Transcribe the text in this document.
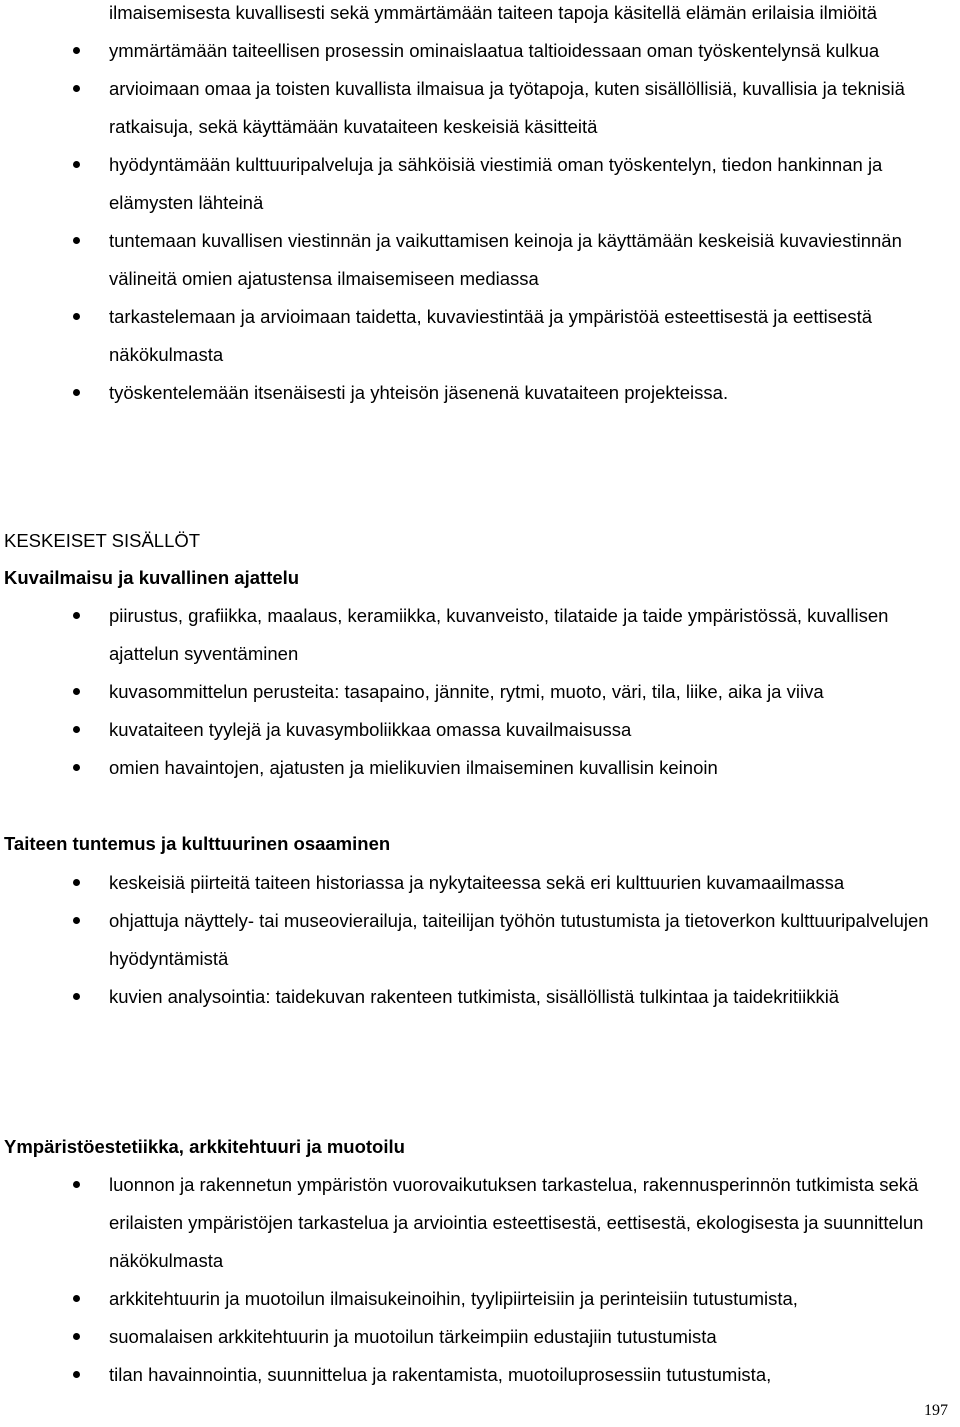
ilmaisemisesta kuvallisesti sekä ymmärtämään taiteen tapoja käsitellä elämän erilaisia ilmiöitä

ymmärtämään taiteellisen prosessin ominaislaatua taltioidessaan oman työskentelynsä kulkua
arvioimaan omaa ja toisten kuvallista ilmaisua ja työtapoja, kuten sisällöllisiä, kuvallisia ja teknisiä ratkaisuja, sekä käyttämään kuvataiteen keskeisiä käsitteitä
hyödyntämään kulttuuripalveluja ja sähköisiä viestimiä oman työskentelyn, tiedon hankinnan ja elämysten lähteinä
tuntemaan kuvallisen viestinnän ja vaikuttamisen keinoja ja käyttämään keskeisiä kuvaviestinnän välineitä omien ajatustensa ilmaisemiseen mediassa
tarkastelemaan ja arvioimaan taidetta, kuvaviestintää ja ympäristöä esteettisestä ja eettisestä näkökulmasta
työskentelemään itsenäisesti ja yhteisön jäsenenä kuvataiteen projekteissa.
KESKEISET SISÄLLÖT
Kuvailmaisu ja kuvallinen ajattelu
piirustus, grafiikka, maalaus, keramiikka, kuvanveisto, tilataide ja taide ympäristössä, kuvallisen ajattelun syventäminen
kuvasommittelun perusteita: tasapaino, jännite, rytmi, muoto, väri, tila, liike, aika ja viiva
kuvataiteen tyylejä ja kuvasymboliikkaa omassa kuvailmaisussa
omien havaintojen, ajatusten ja mielikuvien ilmaiseminen kuvallisin keinoin
Taiteen tuntemus ja kulttuurinen osaaminen
keskeisiä piirteitä taiteen historiassa ja nykytaiteessa sekä eri kulttuurien kuvamaailmassa
ohjattuja näyttely- tai museovierailuja, taiteilijan työhön tutustumista ja tietoverkon kulttuuripalvelujen hyödyntämistä
kuvien analysointia: taidekuvan rakenteen tutkimista, sisällöllistä tulkintaa ja taidekritiikkiä
Ympäristöestetiikka, arkkitehtuuri ja muotoilu
luonnon ja rakennetun ympäristön vuorovaikutuksen tarkastelua, rakennusperinnön tutkimista sekä erilaisten ympäristöjen tarkastelua ja arviointia esteettisestä, eettisestä, ekologisesta ja suunnittelun näkökulmasta
arkkitehtuurin ja muotoilun ilmaisukeinoihin, tyylipiirteisiin ja perinteisiin tutustumista,
suomalaisen arkkitehtuurin ja muotoilun tärkeimpiin edustajiin tutustumista
tilan havainnointia, suunnittelua ja rakentamista, muotoiluprosessiin tutustumista,
197
